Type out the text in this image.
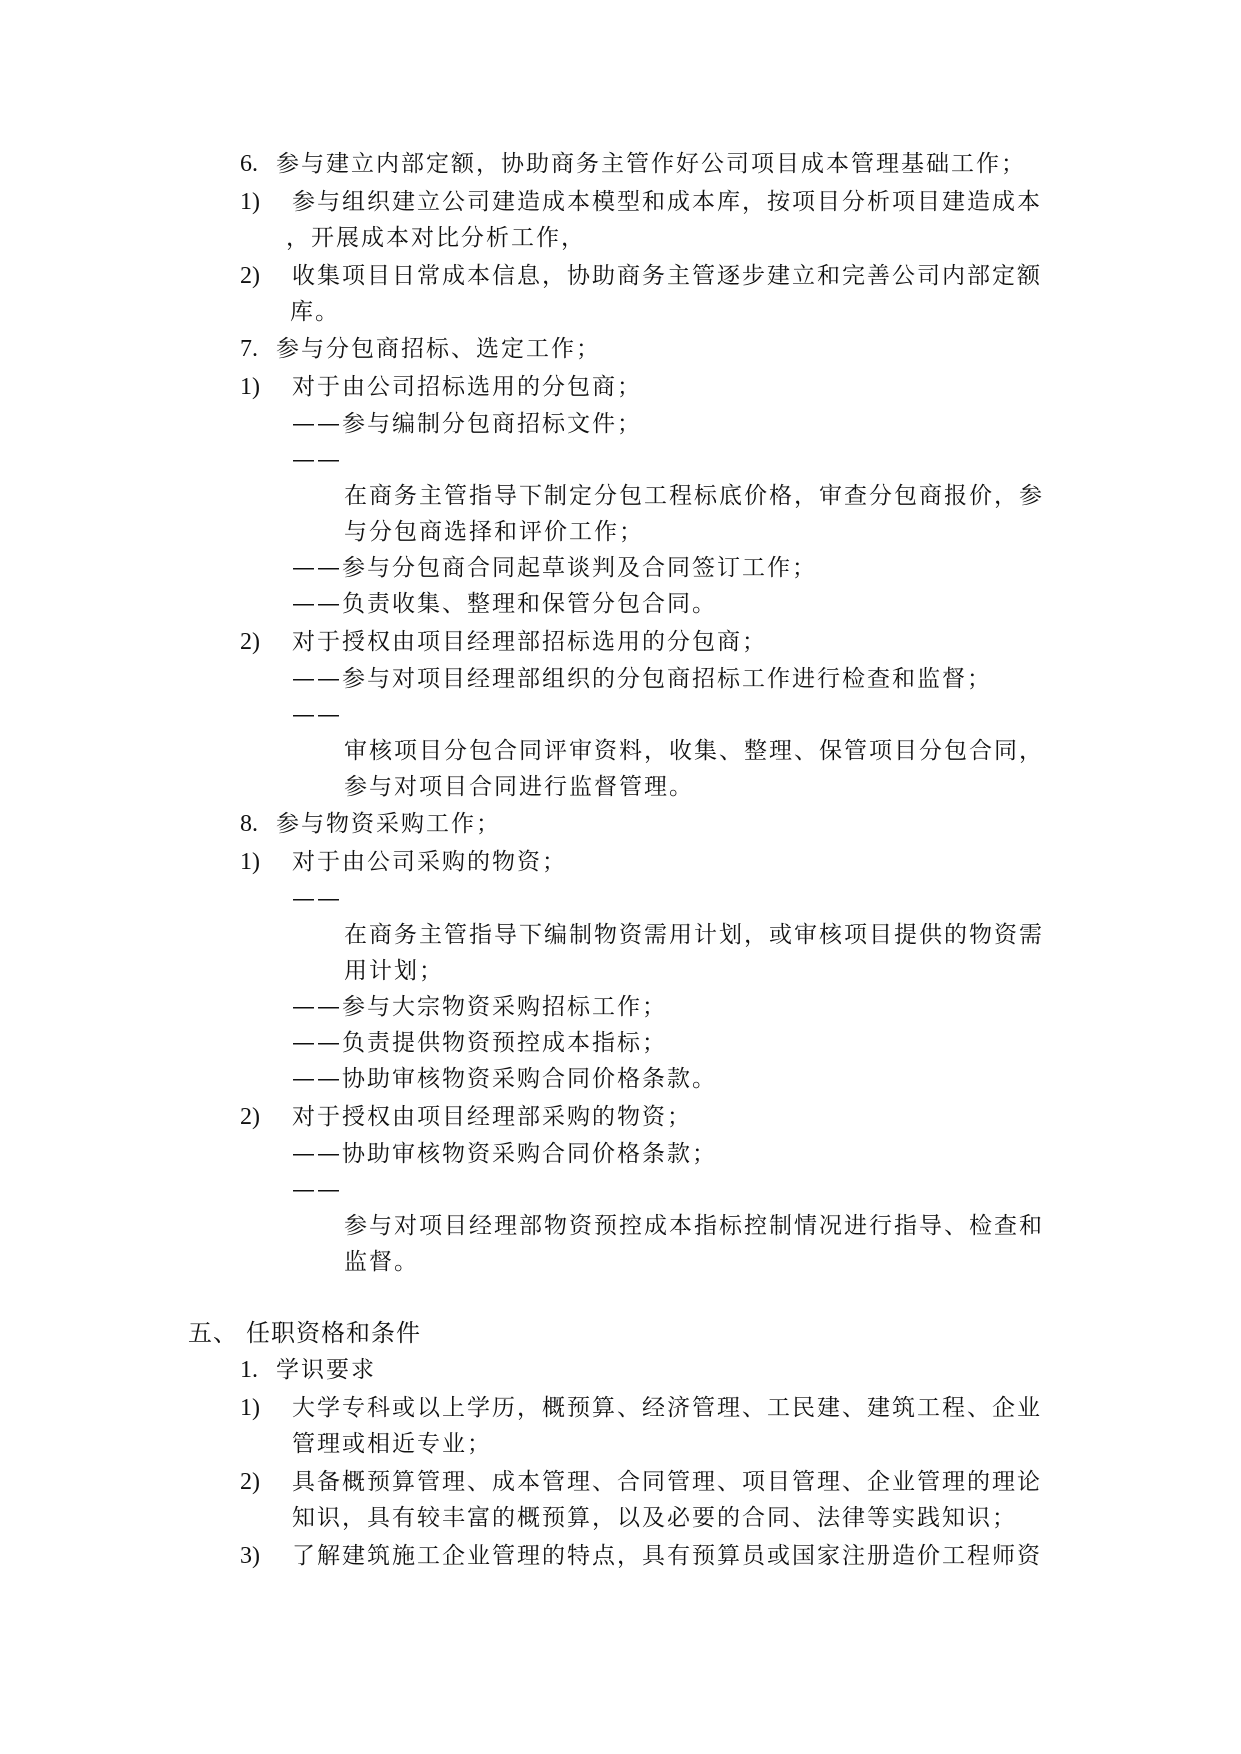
6. 参与建立内部定额，协助商务主管作好公司项目成本管理基础工作；
1) 参与组织建立公司建造成本模型和成本库，按项目分析项目建造成本
，开展成本对比分析工作，
2) 收集项目日常成本信息，协助商务主管逐步建立和完善公司内部定额
库。
7. 参与分包商招标、选定工作；
1) 对于由公司招标选用的分包商；
——参与编制分包商招标文件；
——
在商务主管指导下制定分包工程标底价格，审查分包商报价，参
与分包商选择和评价工作；
——参与分包商合同起草谈判及合同签订工作；
——负责收集、整理和保管分包合同。
2) 对于授权由项目经理部招标选用的分包商；
——参与对项目经理部组织的分包商招标工作进行检查和监督；
——
审核项目分包合同评审资料，收集、整理、保管项目分包合同，
参与对项目合同进行监督管理。
8. 参与物资采购工作；
1) 对于由公司采购的物资；
——
在商务主管指导下编制物资需用计划，或审核项目提供的物资需
用计划；
——参与大宗物资采购招标工作；
——负责提供物资预控成本指标；
——协助审核物资采购合同价格条款。
2) 对于授权由项目经理部采购的物资；
——协助审核物资采购合同价格条款；
——
参与对项目经理部物资预控成本指标控制情况进行指导、检查和
监督。
五、 任职资格和条件
1. 学识要求
1) 大学专科或以上学历，概预算、经济管理、工民建、建筑工程、企业
管理或相近专业；
2) 具备概预算管理、成本管理、合同管理、项目管理、企业管理的理论
知识，具有较丰富的概预算，以及必要的合同、法律等实践知识；
3) 了解建筑施工企业管理的特点，具有预算员或国家注册造价工程师资
